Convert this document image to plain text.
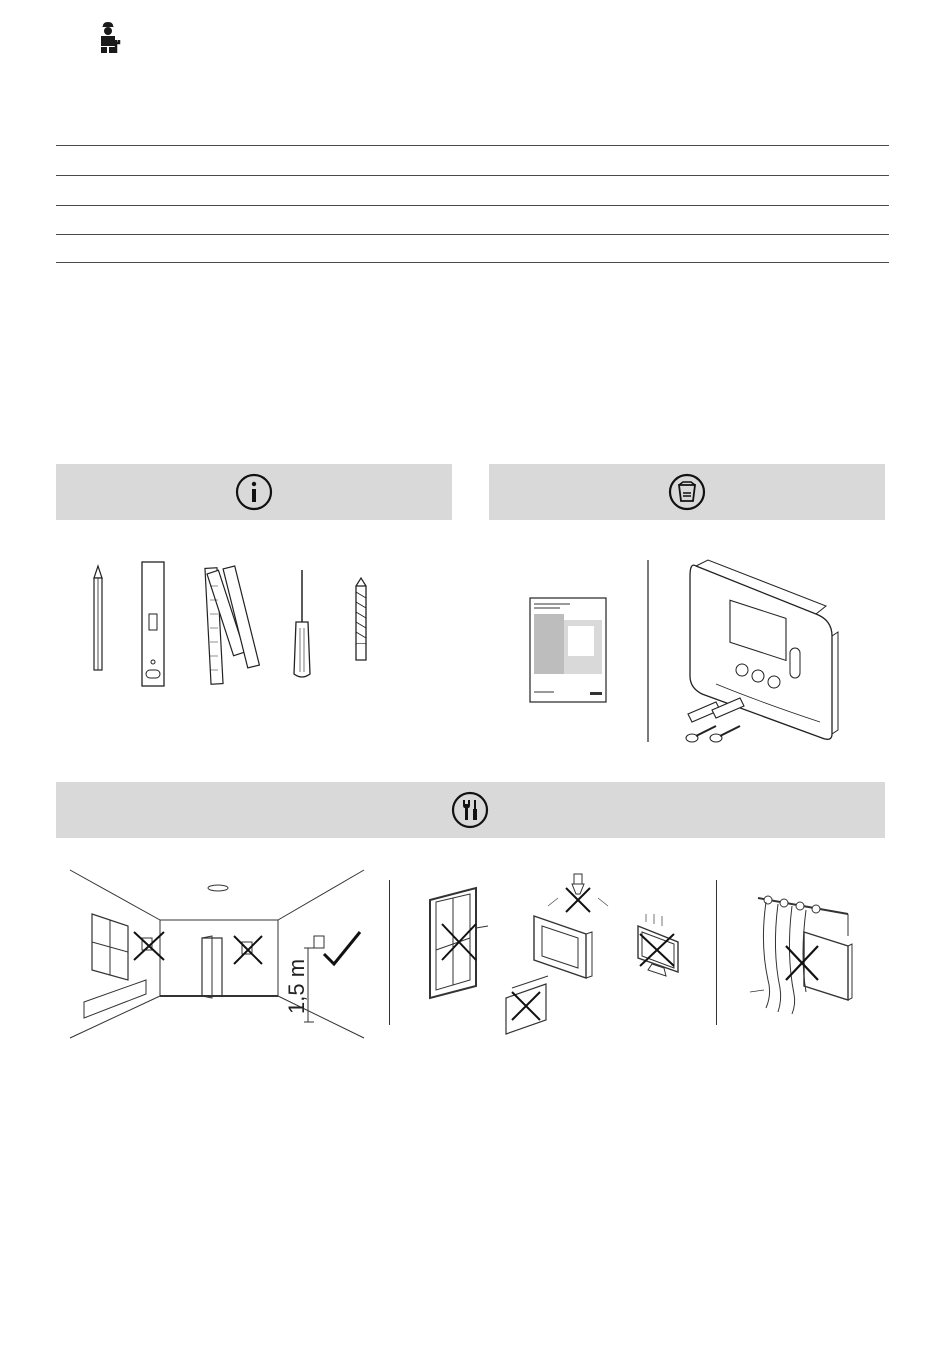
1,5 m
